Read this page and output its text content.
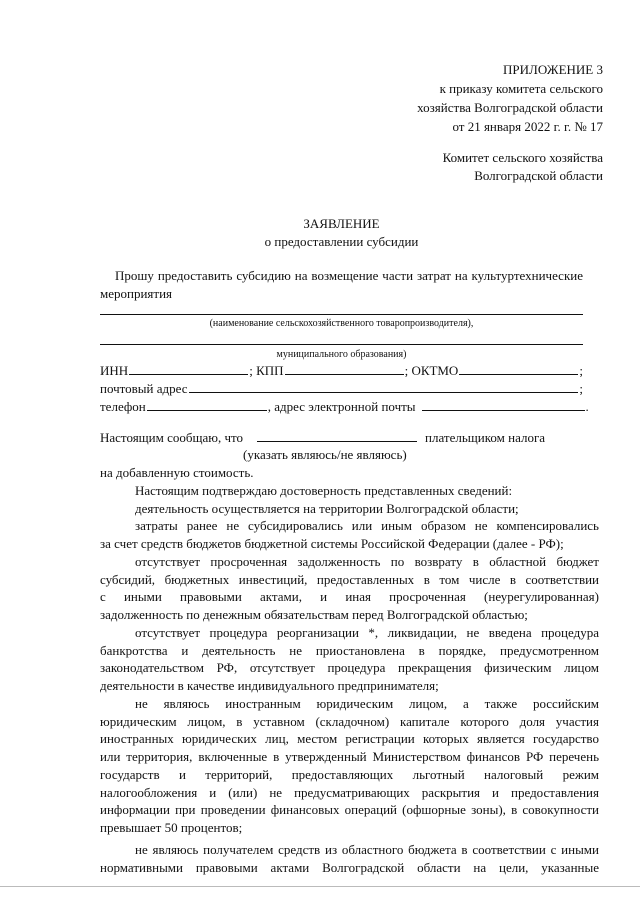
ПРИЛОЖЕНИЕ 3
к приказу комитета сельского
хозяйства Волгоградской области
от 21 января 2022 г. г. № 17
Комитет сельского хозяйства
Волгоградской области
ЗАЯВЛЕНИЕ
о предоставлении субсидии
Прошу предоставить субсидию на возмещение части затрат на культуртехнические
мероприятия
(наименование сельскохозяйственного товаропроизводителя),
муниципального образования)
ИНН	; КПП	; ОКТМО	;
почтовый адрес	;
телефон	, адрес электронной почты	.
Настоящим сообщаю, что	плательщиком налога
(указать являюсь/не являюсь)
на добавленную стоимость.
Настоящим подтверждаю достоверность представленных сведений:
деятельность осуществляется на территории Волгоградской области;
затраты ранее не субсидировались или иным образом не компенсировались
за счет средств бюджетов бюджетной системы Российской Федерации (далее - РФ);
отсутствует просроченная задолженность по возврату в областной бюджет
субсидий, бюджетных инвестиций, предоставленных в том числе в соответствии
с иными правовыми актами, и иная просроченная (неурегулированная)
задолженность по денежным обязательствам перед Волгоградской областью;
отсутствует процедура реорганизации *, ликвидации, не введена процедура
банкротства и деятельность не приостановлена в порядке, предусмотренном
законодательством РФ, отсутствует процедура прекращения физическим лицом
деятельности в качестве индивидуального предпринимателя;
не являюсь иностранным юридическим лицом, а также российским
юридическим лицом, в уставном (складочном) капитале которого доля участия
иностранных юридических лиц, местом регистрации которых является государство
или территория, включенные в утвержденный Министерством финансов РФ перечень
государств и территорий, предоставляющих льготный налоговый режим
налогообложения и (или) не предусматривающих раскрытия и предоставления
информации при проведении финансовых операций (офшорные зоны), в совокупности
превышает 50 процентов;
не являюсь получателем средств из областного бюджета в соответствии с иными
нормативными правовыми актами Волгоградской области на цели, указанные
